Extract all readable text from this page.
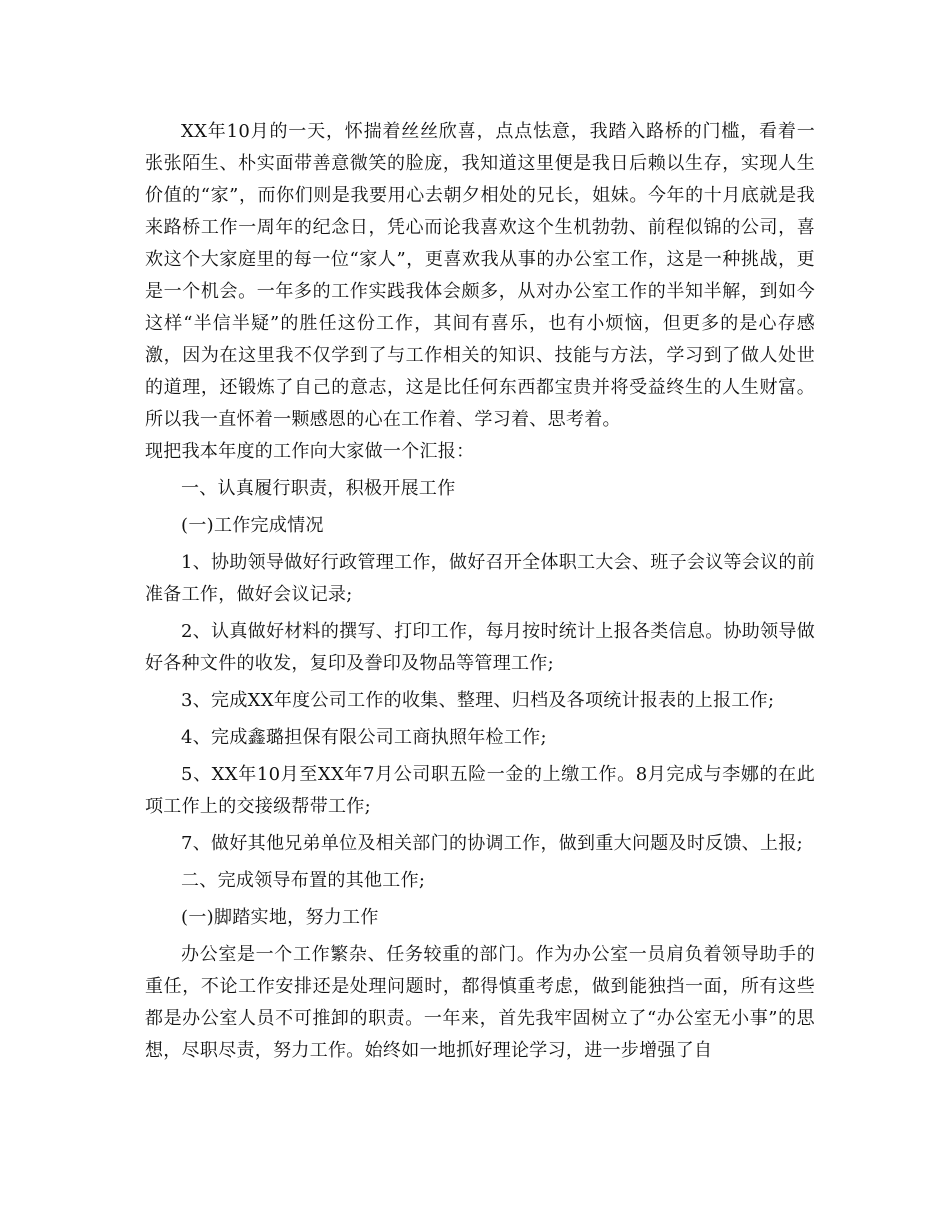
XX年10月的一天，怀揣着丝丝欣喜，点点怯意，我踏入路桥的门槛，看着一张张陌生、朴实面带善意微笑的脸庞，我知道这里便是我日后赖以生存，实现人生价值的“家”，而你们则是我要用心去朝夕相处的兄长，姐妹。今年的十月底就是我来路桥工作一周年的纪念日，凭心而论我喜欢这个生机勃勃、前程似锦的公司，喜欢这个大家庭里的每一位“家人”，更喜欢我从事的办公室工作，这是一种挑战，更是一个机会。一年多的工作实践我体会颇多，从对办公室工作的半知半解，到如今这样“半信半疑”的胜任这份工作，其间有喜乐，也有小烦恼，但更多的是心存感激，因为在这里我不仅学到了与工作相关的知识、技能与方法，学习到了做人处世的道理，还锻炼了自己的意志，这是比任何东西都宝贵并将受益终生的人生财富。所以我一直怀着一颗感恩的心在工作着、学习着、思考着。

现把我本年度的工作向大家做一个汇报：

一、认真履行职责，积极开展工作

(一)工作完成情况

1、协助领导做好行政管理工作，做好召开全体职工大会、班子会议等会议的前准备工作，做好会议记录;

2、认真做好材料的撰写、打印工作，每月按时统计上报各类信息。协助领导做好各种文件的收发，复印及誊印及物品等管理工作;

3、完成XX年度公司工作的收集、整理、归档及各项统计报表的上报工作;

4、完成鑫璐担保有限公司工商执照年检工作;

5、XX年10月至XX年7月公司职五险一金的上缴工作。8月完成与李娜的在此项工作上的交接级帮带工作;

7、做好其他兄弟单位及相关部门的协调工作，做到重大问题及时反馈、上报;

二、完成领导布置的其他工作;

(一)脚踏实地，努力工作

办公室是一个工作繁杂、任务较重的部门。作为办公室一员肩负着领导助手的重任，不论工作安排还是处理问题时，都得慎重考虑，做到能独挡一面，所有这些都是办公室人员不可推卸的职责。一年来，首先我牢固树立了“办公室无小事”的思想，尽职尽责，努力工作。始终如一地抓好理论学习，进一步增强了自
